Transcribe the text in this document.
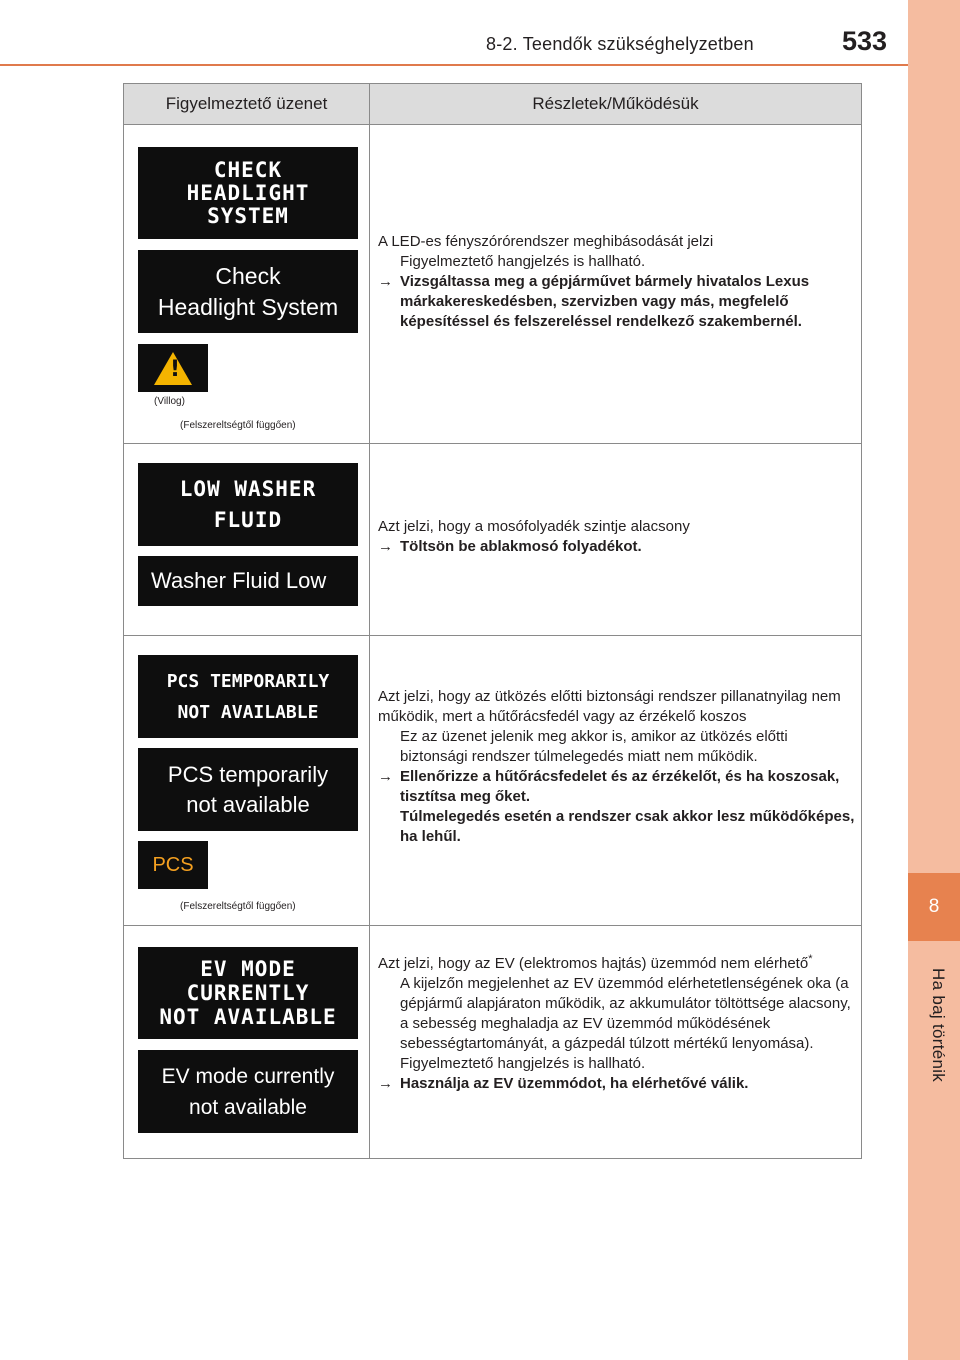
8-2. Teendők szükséghelyzetben	533
8
Ha baj történik
Figyelmeztető üzenet	Részletek/Működésük
CHECK
HEADLIGHT
SYSTEM
Check
Headlight System
!
(Villog)
(Felszereltségtől függően)

A LED-es fényszórórendszer meghibásodását jelzi

Figyelmeztető hangjelzés is hallható.

→ Vizsgáltassa meg a gépjárművet bármely hivatalos Lexus márkakereskedésben, szervizben vagy más, megfelelő képesítéssel és felszereléssel rendelkező szakembernél.
LOW WASHER
FLUID
Washer Fluid Low

Azt jelzi, hogy a mosófolyadék szintje alacsony

→ Töltsön be ablakmosó folyadékot.
PCS TEMPORARILY
NOT AVAILABLE
PCS temporarily
not available
PCS
(Felszereltségtől függően)

Azt jelzi, hogy az ütközés előtti biztonsági rendszer pillanatnyilag nem működik, mert a hűtőrácsfedél vagy az érzékelő koszos

Ez az üzenet jelenik meg akkor is, amikor az ütközés előtti biztonsági rendszer túlmelegedés miatt nem működik.

→ Ellenőrizze a hűtőrácsfedelet és az érzékelőt, és ha koszosak, tisztítsa meg őket.

Túlmelegedés esetén a rendszer csak akkor lesz működőképes, ha lehűl.

EV MODE
CURRENTLY
NOT AVAILABLE
EV mode currently
not available

Azt jelzi, hogy az EV (elektromos hajtás) üzemmód nem elérhető*

A kijelzőn megjelenhet az EV üzemmód elérhetetlenségének oka (a gépjármű alapjáraton működik, az akkumulátor töltöttsége alacsony, a sebesség meghaladja az EV üzemmód működésének sebességtartományát, a gázpedál túlzott mértékű lenyomása).

Figyelmeztető hangjelzés is hallható.

→ Használja az EV üzemmódot, ha elérhetővé válik.
